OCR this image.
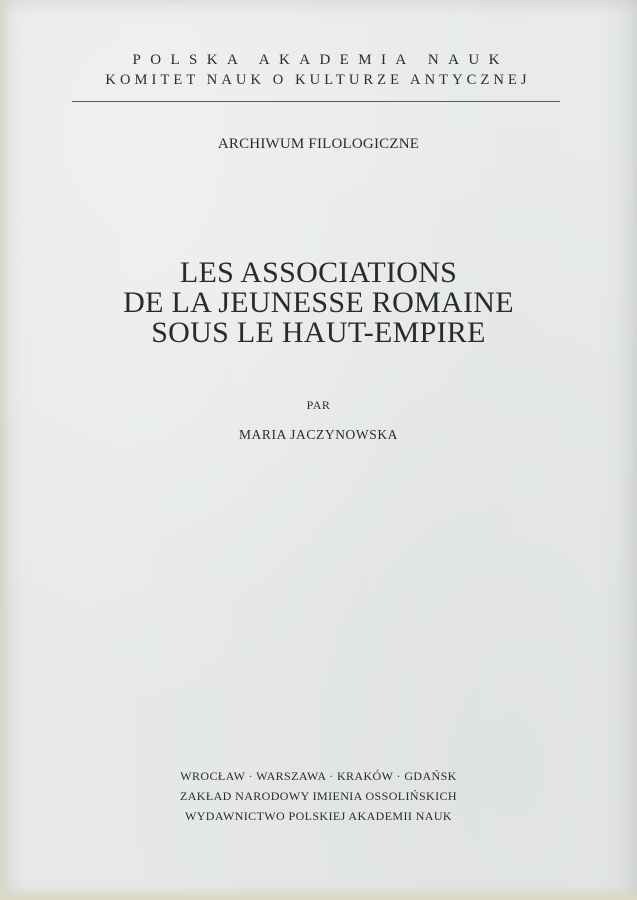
POLSKA AKADEMIA NAUK
KOMITET NAUK O KULTURZE ANTYCZNEJ
ARCHIWUM FILOLOGICZNE
LES ASSOCIATIONS
DE LA JEUNESSE ROMAINE
SOUS LE HAUT-EMPIRE
PAR
MARIA JACZYNOWSKA
WROCŁAW · WARSZAWA · KRAKÓW · GDAŃSK
ZAKŁAD NARODOWY IMIENIA OSSOLIŃSKICH
WYDAWNICTWO POLSKIEJ AKADEMII NAUK
